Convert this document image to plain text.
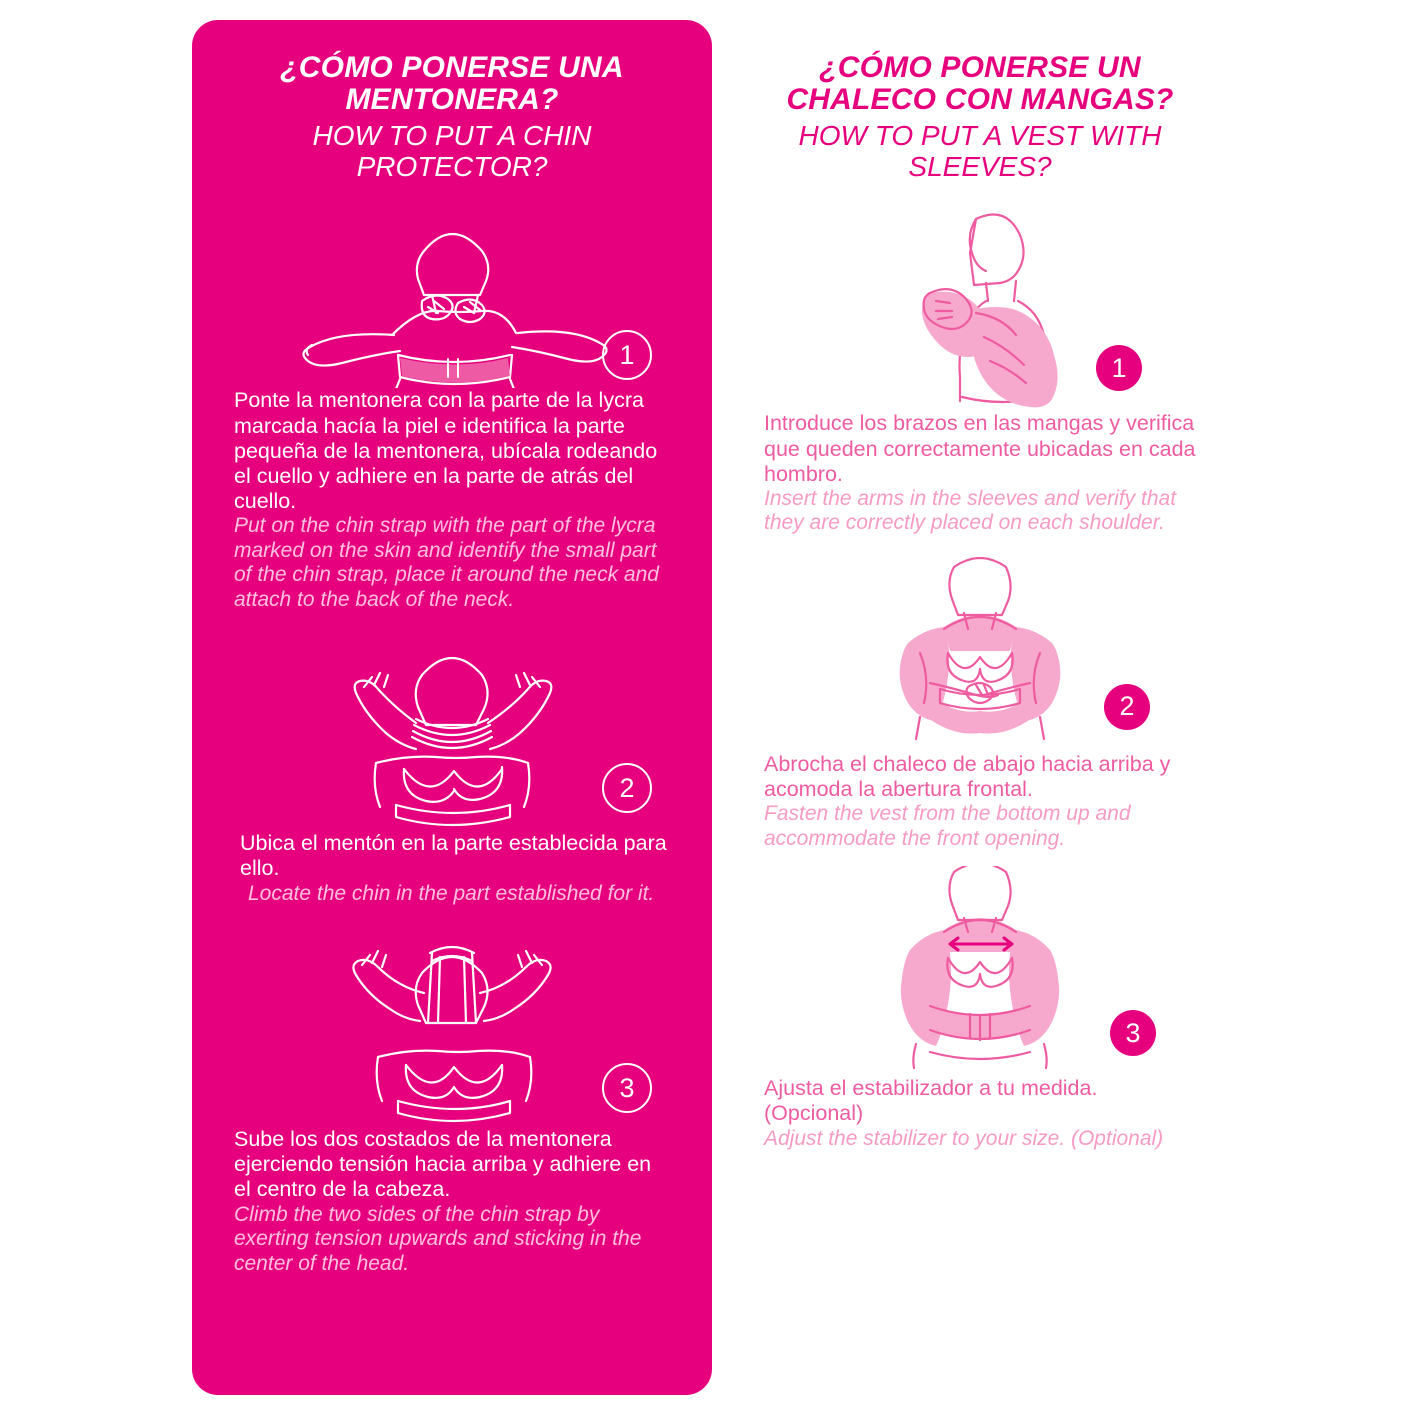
¿CÓMO PONERSE UNA MENTONERA?

HOW TO PUT A CHIN PROTECTOR?

1

Ponte la mentonera con la parte de la lycra marcada hacía la piel e identifica la parte pequeña de la mentonera, ubícala rodeando el cuello y adhiere en la parte de atrás del cuello.

Put on the chin strap with the part of the lycra marked on the skin and identify the small part of the chin strap, place it around the neck and attach to the back of the neck.

2

Ubica el mentón en la parte establecida para ello.

Locate the chin in the part established for it.

3

Sube los dos costados de la mentonera ejerciendo tensión hacia arriba y adhiere en el centro de la cabeza.

Climb the two sides of the chin strap by exerting tension upwards and sticking in the center of the head.

¿CÓMO PONERSE UN CHALECO CON MANGAS?

HOW TO PUT A VEST WITH SLEEVES?

1

Introduce los brazos en las mangas y verifica que queden correctamente ubicadas en cada hombro.

Insert the arms in the sleeves and verify that they are correctly placed on each shoulder.

2

Abrocha el chaleco de abajo hacia arriba y acomoda la abertura frontal.

Fasten the vest from the bottom up and accommodate the front opening.

3

Ajusta el estabilizador a tu medida. (Opcional)

Adjust the stabilizer to your size. (Optional)
